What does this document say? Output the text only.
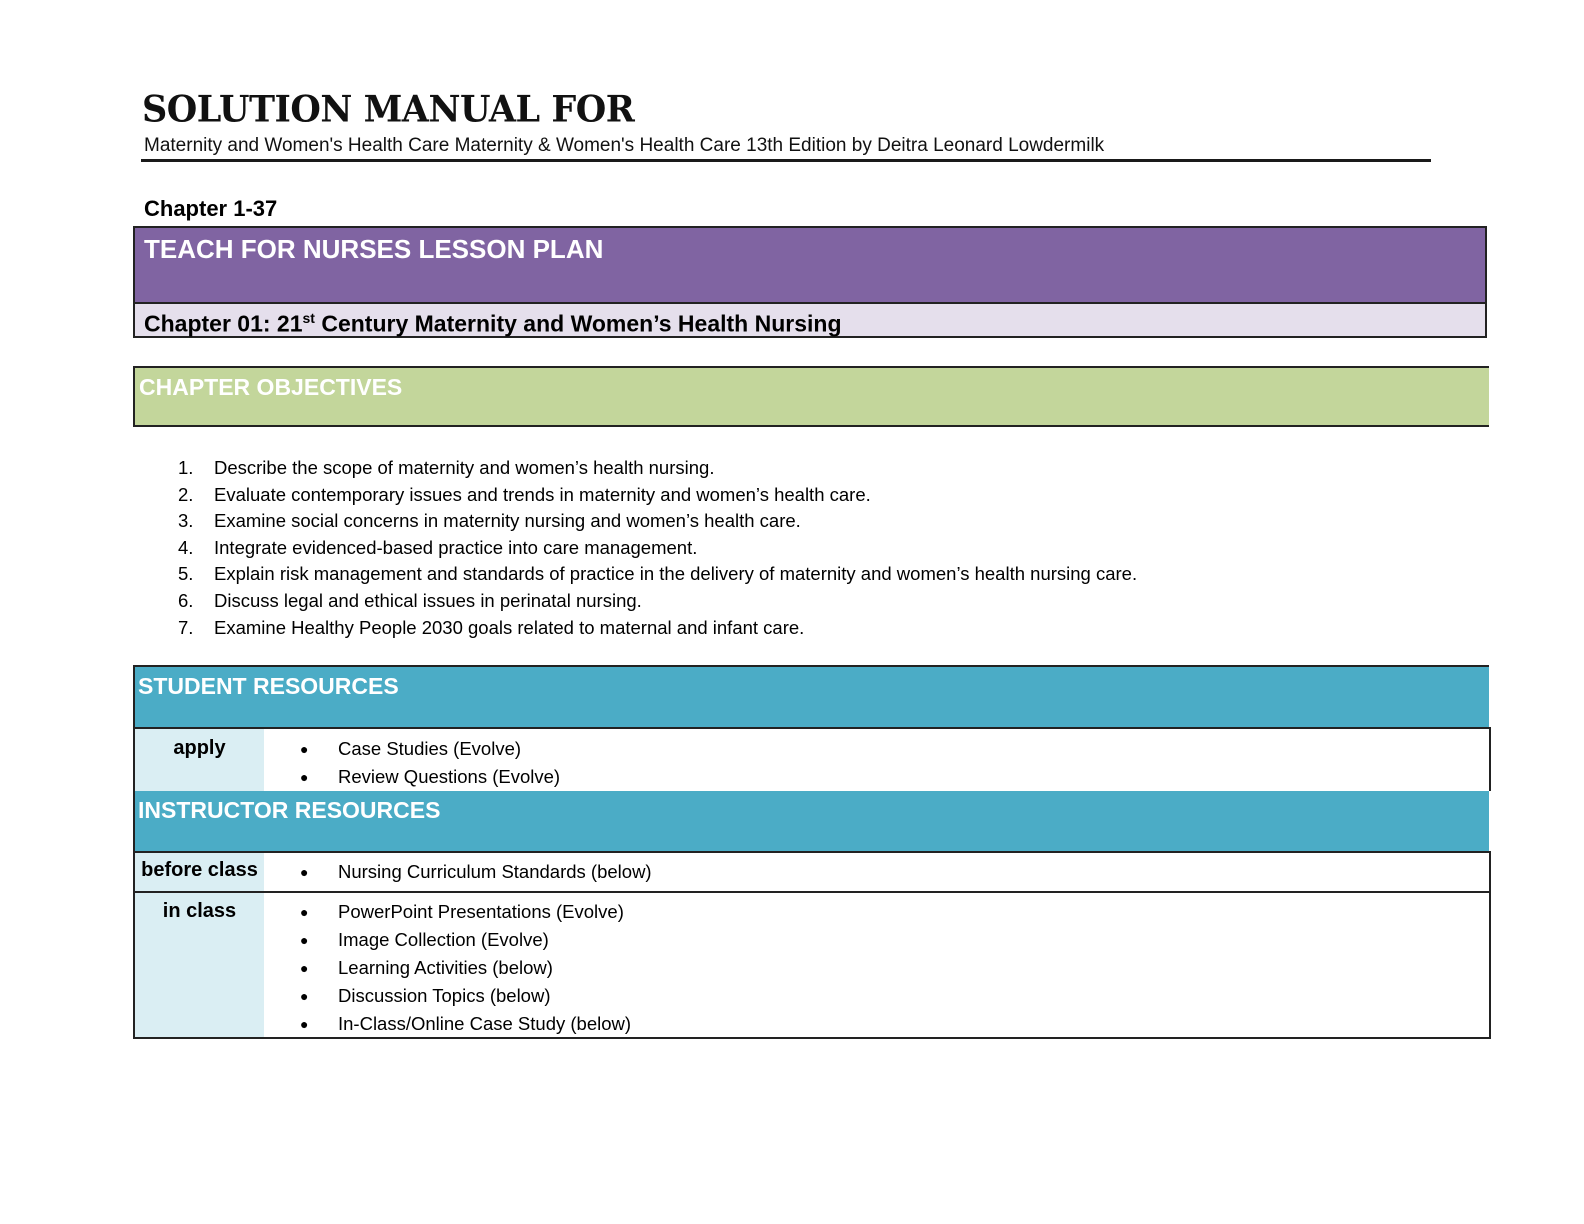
SOLUTION MANUAL FOR
Maternity and Women's Health Care Maternity & Women's Health Care 13th Edition by Deitra Leonard Lowdermilk
Chapter 1-37
TEACH FOR NURSES LESSON PLAN
Chapter 01: 21st Century Maternity and Women’s Health Nursing
CHAPTER OBJECTIVES
1.	Describe the scope of maternity and women’s health nursing.
2.	Evaluate contemporary issues and trends in maternity and women’s health care.
3.	Examine social concerns in maternity nursing and women’s health care.
4.	Integrate evidenced-based practice into care management.
5.	Explain risk management and standards of practice in the delivery of maternity and women’s health nursing care.
6.	Discuss legal and ethical issues in perinatal nursing.
7.	Examine Healthy People 2030 goals related to maternal and infant care.
STUDENT RESOURCES
apply	●	Case Studies (Evolve)
●	Review Questions (Evolve)
INSTRUCTOR RESOURCES
before class	●	Nursing Curriculum Standards (below)
in class	●	PowerPoint Presentations (Evolve)
●	Image Collection (Evolve)
●	Learning Activities (below)
●	Discussion Topics (below)
●	In-Class/Online Case Study (below)
